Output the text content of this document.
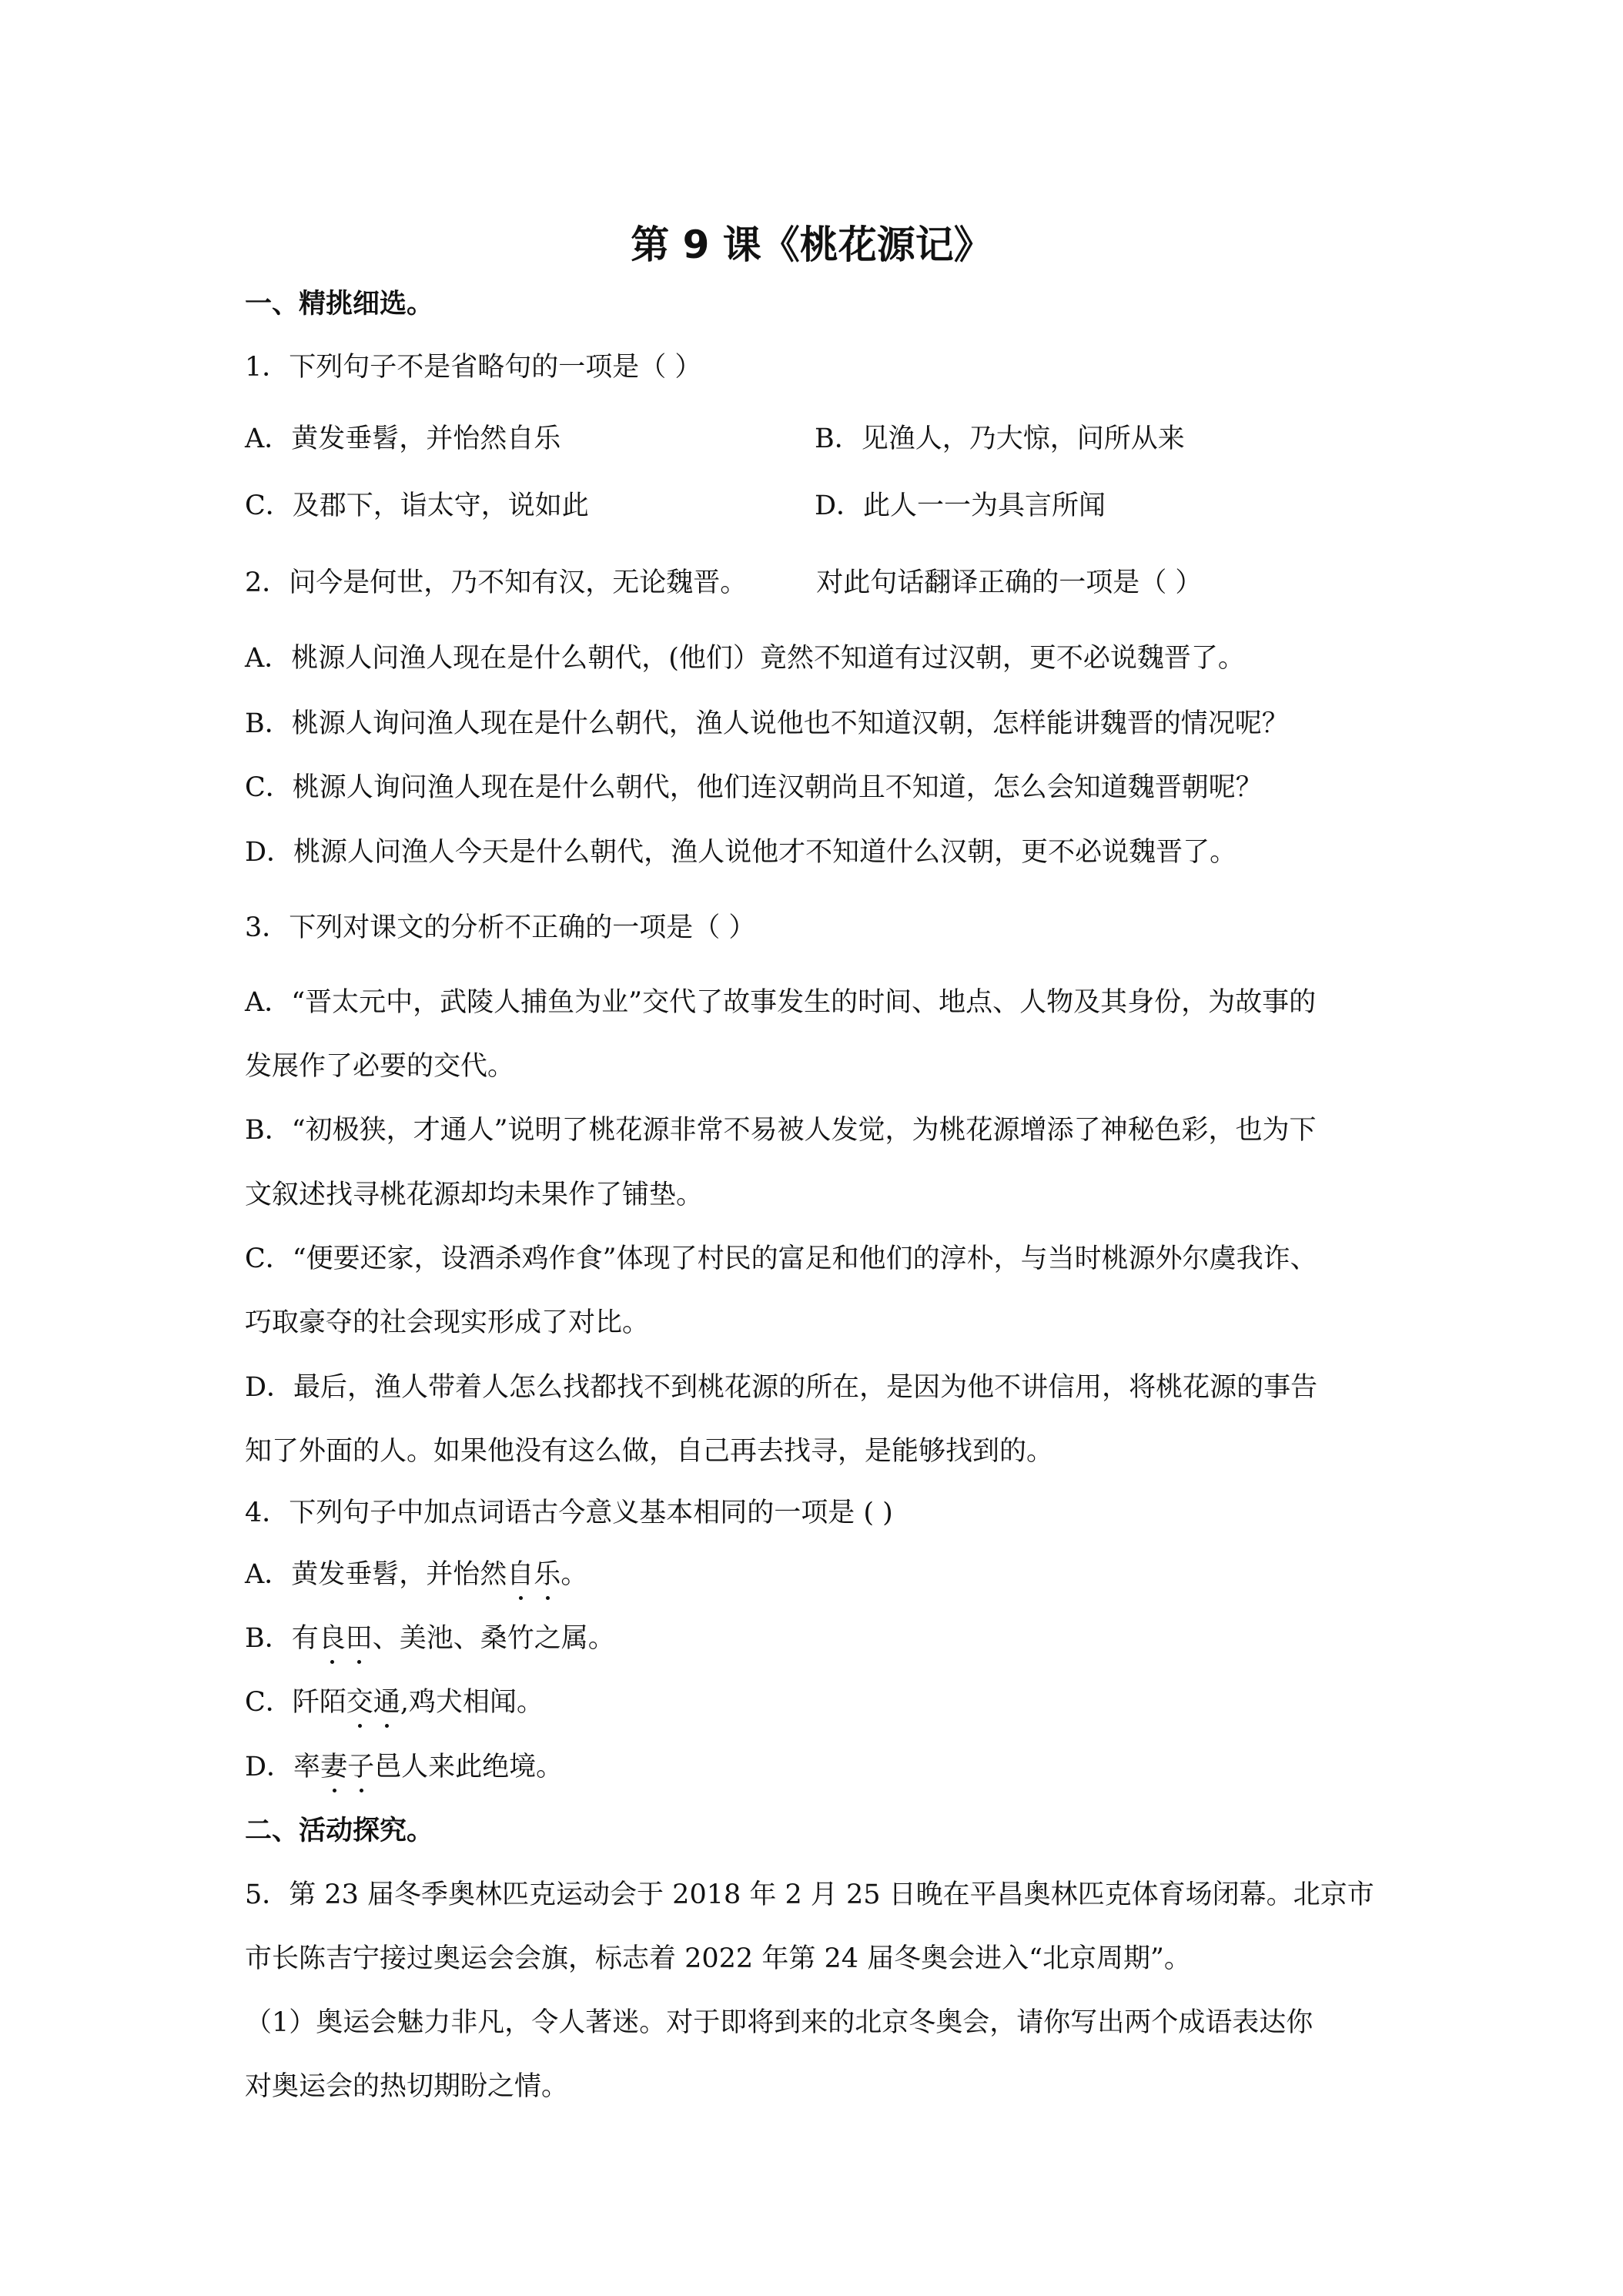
第 9 课《桃花源记》

一、精挑细选。

1．下列句子不是省略句的一项是（ ）

A．黄发垂髫，并怡然自乐	B．见渔人，乃大惊，问所从来

C．及郡下，诣太守，说如此	D．此人一一为具言所闻

2．问今是何世，乃不知有汉，无论魏晋。	对此句话翻译正确的一项是（ ）

A．桃源人问渔人现在是什么朝代，(他们）竟然不知道有过汉朝，更不必说魏晋了。

B．桃源人询问渔人现在是什么朝代，渔人说他也不知道汉朝，怎样能讲魏晋的情况呢？

C．桃源人询问渔人现在是什么朝代，他们连汉朝尚且不知道，怎么会知道魏晋朝呢？

D．桃源人问渔人今天是什么朝代，渔人说他才不知道什么汉朝，更不必说魏晋了。

3．下列对课文的分析不正确的一项是（ ）

A．“晋太元中，武陵人捕鱼为业”交代了故事发生的时间、地点、人物及其身份，为故事的

发展作了必要的交代。

B．“初极狭，才通人”说明了桃花源非常不易被人发觉，为桃花源增添了神秘色彩，也为下

文叙述找寻桃花源却均未果作了铺垫。

C．“便要还家，设酒杀鸡作食”体现了村民的富足和他们的淳朴，与当时桃源外尔虞我诈、

巧取豪夺的社会现实形成了对比。

D．最后，渔人带着人怎么找都找不到桃花源的所在，是因为他不讲信用，将桃花源的事告

知了外面的人。如果他没有这么做，自己再去找寻，是能够找到的。

4．下列句子中加点词语古今意义基本相同的一项是 ( )

A．黄发垂髫，并怡然自乐。

B．有良田、美池、桑竹之属。

C．阡陌交通,鸡犬相闻。

D．率妻子邑人来此绝境。

二、活动探究。

5．第 23 届冬季奥林匹克运动会于 2018 年 2 月 25 日晚在平昌奥林匹克体育场闭幕。北京市

市长陈吉宁接过奥运会会旗，标志着 2022 年第 24 届冬奥会进入“北京周期”。

（1）奥运会魅力非凡，令人著迷。对于即将到来的北京冬奥会，请你写出两个成语表达你

对奥运会的热切期盼之情。
